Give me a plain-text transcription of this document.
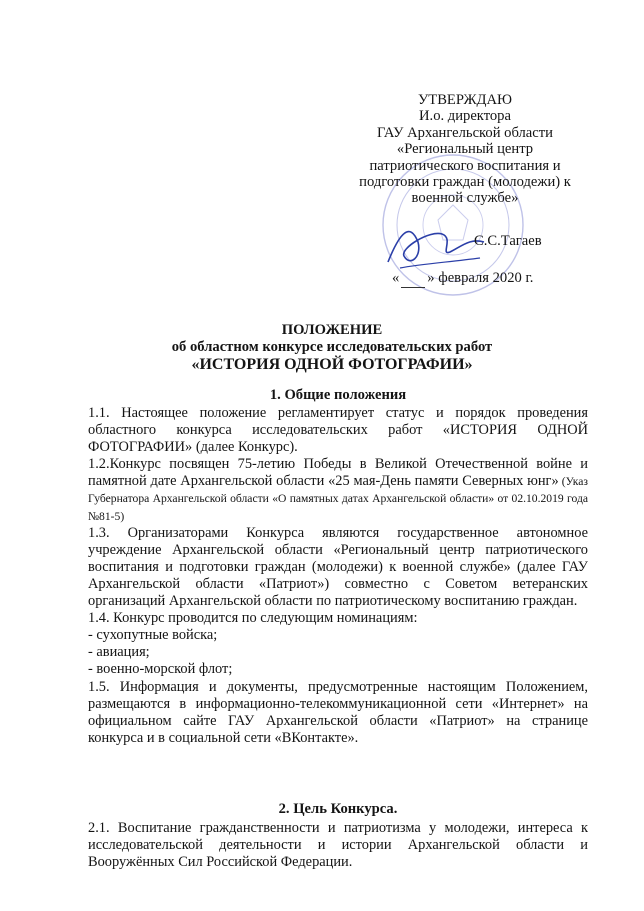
УТВЕРЖДАЮ
И.о. директора
ГАУ Архангельской области
«Региональный центр
патриотического воспитания и
подготовки граждан (молодежи) к
военной службе»
С.С.Тагаев
« » февраля 2020 г.
ПОЛОЖЕНИЕ
об областном конкурсе исследовательских работ
«ИСТОРИЯ ОДНОЙ ФОТОГРАФИИ»
1. Общие положения

1.1. Настоящее положение регламентирует статус и порядок проведения областного конкурса исследовательских работ «ИСТОРИЯ ОДНОЙ ФОТОГРАФИИ» (далее Конкурс).

1.2.Конкурс посвящен 75-летию Победы в Великой Отечественной войне и памятной дате Архангельской области «25 мая-День памяти Северных юнг» (Указ Губернатора Архангельской области «О памятных датах Архангельской области» от 02.10.2019 года №81-5)

1.3. Организаторами Конкурса являются государственное автономное учреждение Архангельской области «Региональный центр патриотического воспитания и подготовки граждан (молодежи) к военной службе» (далее ГАУ Архангельской области «Патриот») совместно с Советом ветеранских организаций Архангельской области по патриотическому воспитанию граждан.

1.4. Конкурс проводится по следующим номинациям:

- сухопутные войска;

- авиация;

- военно-морской флот;

1.5. Информация и документы, предусмотренные настоящим Положением, размещаются в информационно-телекоммуникационной сети «Интернет» на официальном сайте ГАУ Архангельской области «Патриот» на странице конкурса и в социальной сети «ВКонтакте».

2. Цель Конкурса.

2.1. Воспитание гражданственности и патриотизма у молодежи, интереса к исследовательской деятельности и истории Архангельской области и Вооружённых Сил Российской Федерации.
